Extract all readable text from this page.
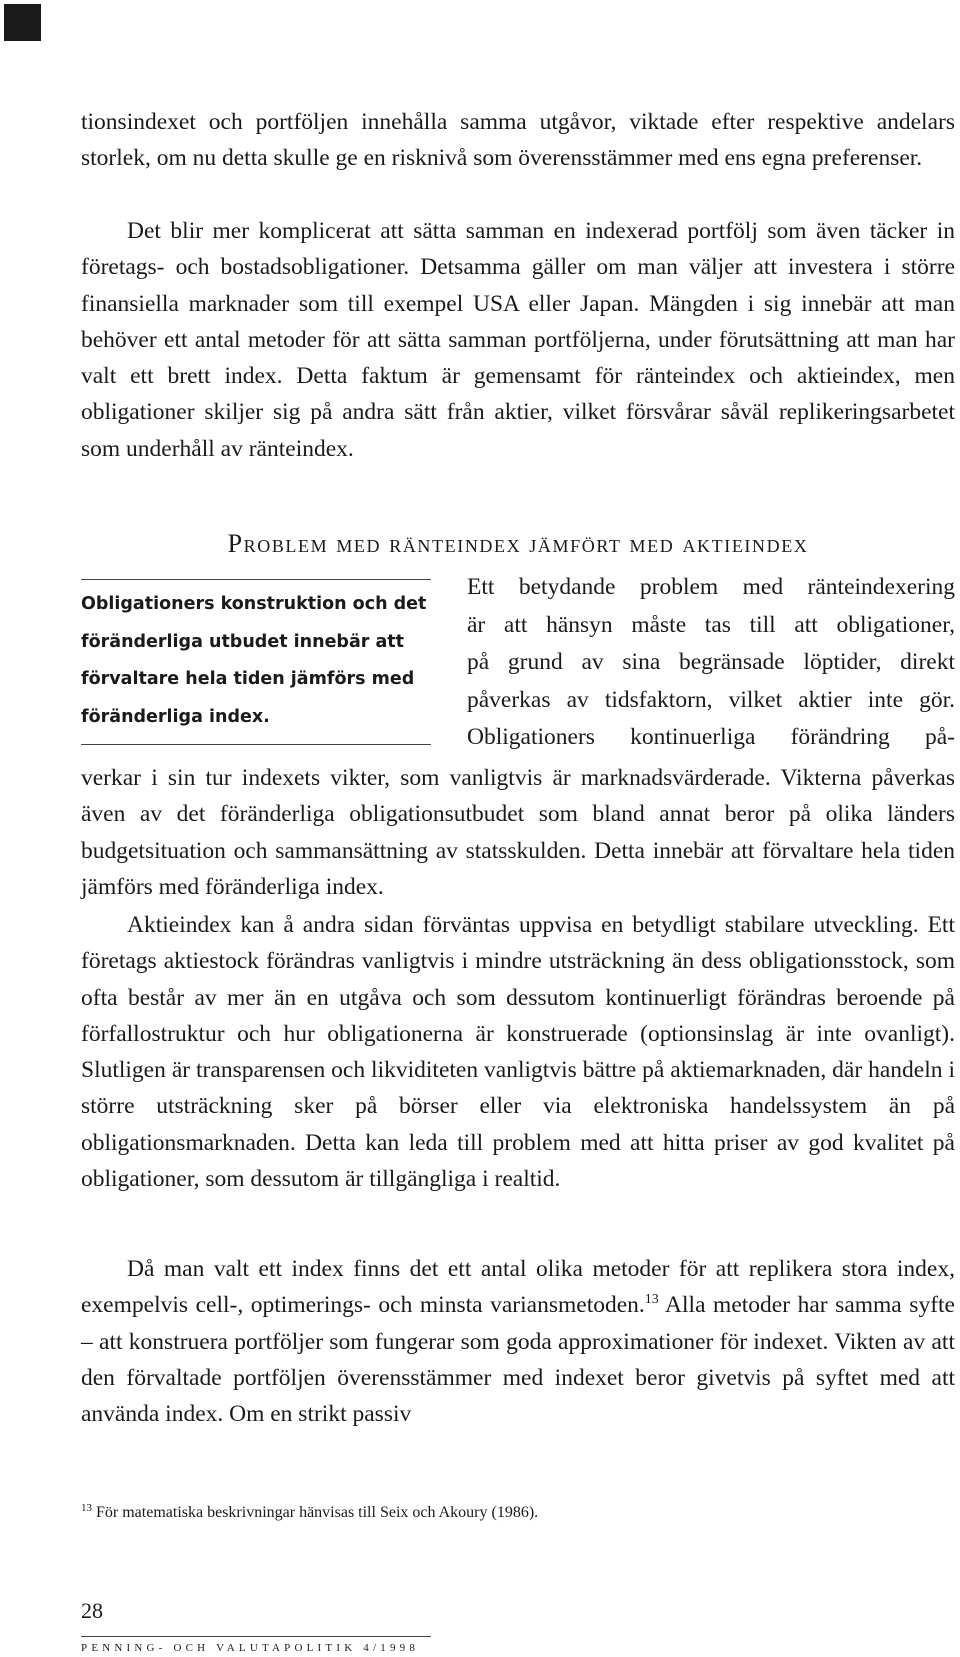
tionsindexet och portföljen innehålla samma utgåvor, viktade efter respektive andelars storlek, om nu detta skulle ge en risknivå som överensstämmer med ens egna preferenser.

Det blir mer komplicerat att sätta samman en indexerad portfölj som även täcker in företags- och bostadsobligationer. Detsamma gäller om man väljer att investera i större finansiella marknader som till exempel USA eller Japan. Mängden i sig innebär att man behöver ett antal metoder för att sätta samman portföljerna, under förutsättning att man har valt ett brett index. Detta faktum är gemensamt för ränteindex och aktieindex, men obligationer skiljer sig på andra sätt från aktier, vilket försvårar såväl replikeringsarbetet som underhåll av ränteindex.

Problem med ränteindex jämfört med aktieindex

Obligationers konstruktion och det föränderliga utbudet innebär att förvaltare hela tiden jämförs med föränderliga index.

Ett betydande problem med ränteindexering
är att hänsyn måste tas till att obligationer,
på grund av sina begränsade löptider, direkt
påverkas av tidsfaktorn, vilket aktier inte gör.
Obligationers kontinuerliga förändring på-

verkar i sin tur indexets vikter, som vanligtvis är marknadsvärderade. Vikterna påverkas även av det föränderliga obligationsutbudet som bland annat beror på olika länders budgetsituation och sammansättning av statsskulden. Detta innebär att förvaltare hela tiden jämförs med föränderliga index.

Aktieindex kan å andra sidan förväntas uppvisa en betydligt stabilare utveckling. Ett företags aktiestock förändras vanligtvis i mindre utsträckning än dess obligationsstock, som ofta består av mer än en utgåva och som dessutom kontinuerligt förändras beroende på förfallostruktur och hur obligationerna är konstruerade (optionsinslag är inte ovanligt). Slutligen är transparensen och likviditeten vanligtvis bättre på aktiemarknaden, där handeln i större utsträckning sker på börser eller via elektroniska handelssystem än på obligationsmarknaden. Detta kan leda till problem med att hitta priser av god kvalitet på obligationer, som dessutom är tillgängliga i realtid.

Då man valt ett index finns det ett antal olika metoder för att replikera stora index, exempelvis cell-, optimerings- och minsta variansmetoden.$^{13}$ Alla metoder har samma syfte – att konstruera portföljer som fungerar som goda approximationer för indexet. Vikten av att den förvaltade portföljen överensstämmer med indexet beror givetvis på syftet med att använda index. Om en strikt passiv

$^{13}$ För matematiska beskrivningar hänvisas till Seix och Akoury (1986).

28

PENNING- OCH VALUTAPOLITIK 4/1998
